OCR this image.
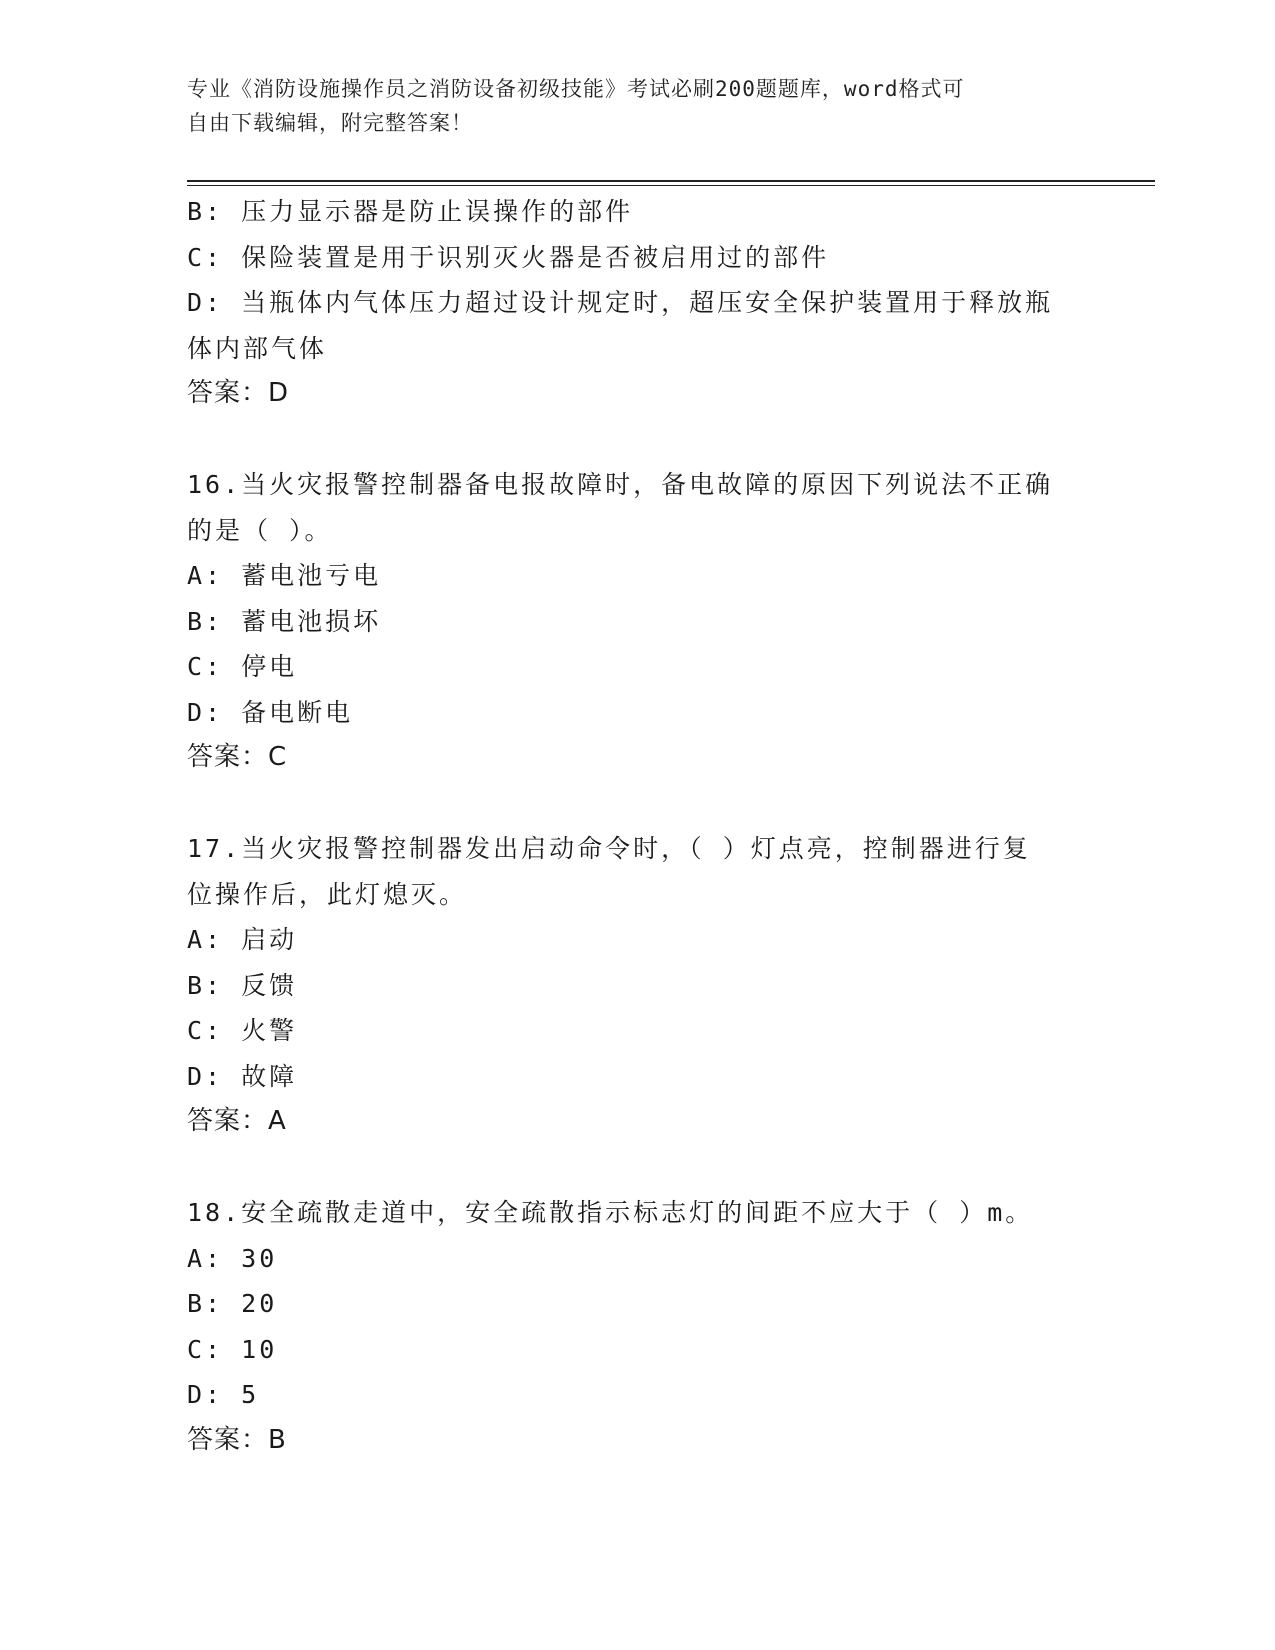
专业《消防设施操作员之消防设备初级技能》考试必刷200题题库，word格式可
自由下载编辑，附完整答案！
B: 压力显示器是防止误操作的部件
C: 保险装置是用于识别灭火器是否被启用过的部件
D: 当瓶体内气体压力超过设计规定时，超压安全保护装置用于释放瓶
体内部气体
答案：D
16.当火灾报警控制器备电报故障时，备电故障的原因下列说法不正确
的是（ ）。
A: 蓄电池亏电
B: 蓄电池损坏
C: 停电
D: 备电断电
答案：C
17.当火灾报警控制器发出启动命令时，（ ）灯点亮，控制器进行复
位操作后，此灯熄灭。
A: 启动
B: 反馈
C: 火警
D: 故障
答案：A
18.安全疏散走道中，安全疏散指示标志灯的间距不应大于（ ）m。
A: 30
B: 20
C: 10
D: 5
答案：B
